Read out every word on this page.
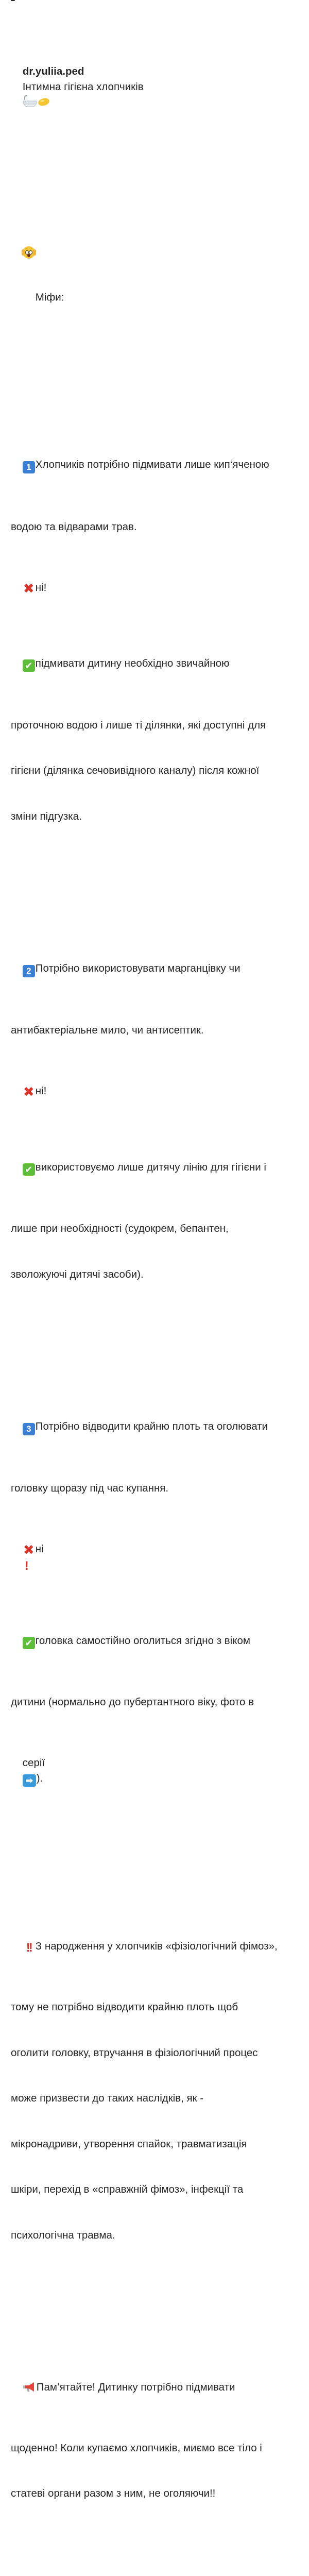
dr.yuliia.ped
Інтимна гігієна хлопчиків

Міфи:

1 Хлопчиків потрібно підмивати лише кип‘яченою

водою та відварами трав.

✖ ні!

✔ підмивати дитину необхідно звичайною

проточною водою і лише ті ділянки, які доступні для

гігієни (ділянка сечовивідного каналу) після кожної

зміни підгузка.

2 Потрібно використовувати марганцівку чи

антибактеріальне мило, чи антисептик.

✖ ні!

✔ використовуємо лише дитячу лінію для гігієни і

лише при необхідності (судокрем, бепантен,

зволожуючі дитячі засоби).

3 Потрібно відводити крайню плоть та оголювати

головку щоразу під час купання.

✖ ні
!

✔ головка самостійно оголиться згідно з віком

дитини (нормально до пубертантного віку, фото в

серії
➡ ).

!! З народження у хлопчиків «фізіологічний фімоз»,

тому не потрібно відводити крайню плоть щоб

оголити головку, втручання в фізіологічний процес

може призвести до таких наслідків, як -

мікронадриви, утворення спайок, травматизація

шкіри, перехід в «справжній фімоз», інфекції та

психологічна травма.

Пам’ятайте! Дитинку потрібно підмивати

щоденно! Коли купаємо хлопчиків, миємо все тіло і

статеві органи разом з ним, не оголяючи!!
